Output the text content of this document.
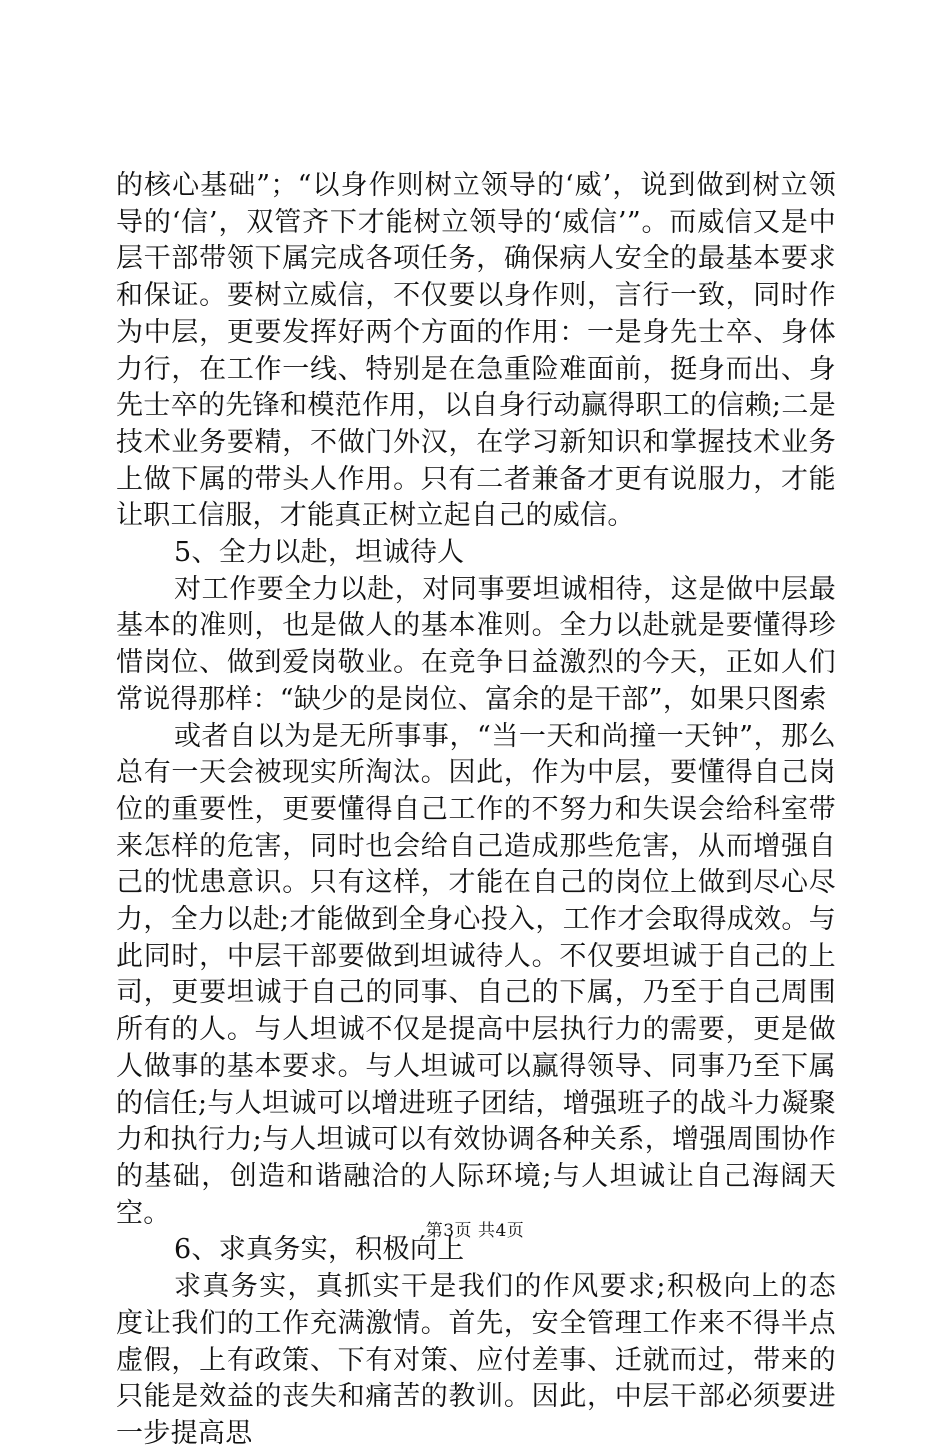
的核心基础”；“以身作则树立领导的‘威’，说到做到树立领导的‘信’，双管齐下才能树立领导的‘威信’”。而威信又是中层干部带领下属完成各项任务，确保病人安全的最基本要求和保证。要树立威信，不仅要以身作则，言行一致，同时作为中层，更要发挥好两个方面的作用：一是身先士卒、身体力行，在工作一线、特别是在急重险难面前，挺身而出、身先士卒的先锋和模范作用，以自身行动赢得职工的信赖;二是技术业务要精，不做门外汉，在学习新知识和掌握技术业务上做下属的带头人作用。只有二者兼备才更有说服力，才能让职工信服，才能真正树立起自己的威信。

5、全力以赴，坦诚待人

对工作要全力以赴，对同事要坦诚相待，这是做中层最基本的准则，也是做人的基本准则。全力以赴就是要懂得珍惜岗位、做到爱岗敬业。在竞争日益激烈的今天，正如人们常说得那样：“缺少的是岗位、富余的是干部”，如果只图索

或者自以为是无所事事，“当一天和尚撞一天钟”，那么总有一天会被现实所淘汰。因此，作为中层，要懂得自己岗位的重要性，更要懂得自己工作的不努力和失误会给科室带来怎样的危害，同时也会给自己造成那些危害，从而增强自己的忧患意识。只有这样，才能在自己的岗位上做到尽心尽力，全力以赴;才能做到全身心投入，工作才会取得成效。与此同时，中层干部要做到坦诚待人。不仅要坦诚于自己的上司，更要坦诚于自己的同事、自己的下属，乃至于自己周围所有的人。与人坦诚不仅是提高中层执行力的需要，更是做人做事的基本要求。与人坦诚可以赢得领导、同事乃至下属的信任;与人坦诚可以增进班子团结，增强班子的战斗力凝聚力和执行力;与人坦诚可以有效协调各种关系，增强周围协作的基础，创造和谐融洽的人际环境;与人坦诚让自己海阔天空。

6、求真务实，积极向上

求真务实，真抓实干是我们的作风要求;积极向上的态度让我们的工作充满激情。首先，安全管理工作来不得半点虚假，上有政策、下有对策、应付差事、迁就而过，带来的只能是效益的丧失和痛苦的教训。因此，中层干部必须要进一步提高思

第3页 共4页
